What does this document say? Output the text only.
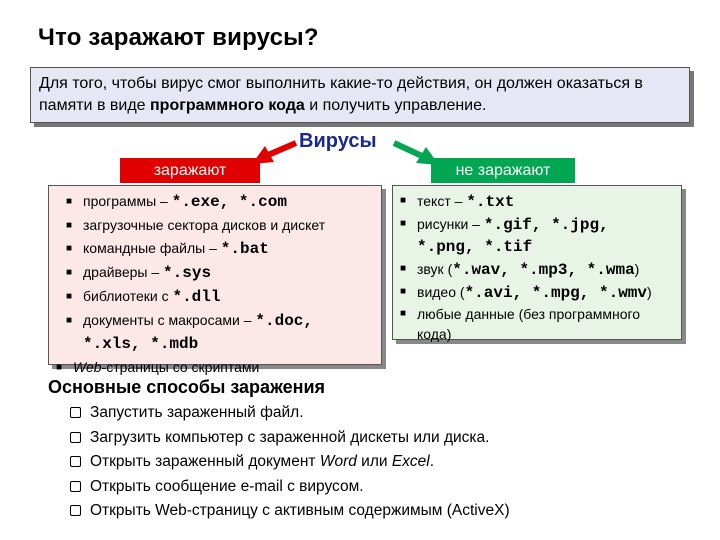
Что заражают вирусы?
Для того, чтобы вирус смог выполнить какие-то действия, он должен оказаться в памяти в виде программного кода и получить управление.
Вирусы
заражают	не заражают
■ программы – *.exe, *.com
■ загрузочные сектора дисков и дискет
■ командные файлы – *.bat
■ драйверы – *.sys
■ библиотеки с *.dll
■ документы с макросами – *.doc,
*.xls, *.mdb
■ Web-страницы со скриптами
■ текст – *.txt
■ рисунки – *.gif, *.jpg,
*.png, *.tif
■ звук (*.wav, *.mp3, *.wma)
■ видео (*.avi, *.mpg, *.wmv)
■ любые данные (без программного
кода)
Основные способы заражения
Запустить зараженный файл.
Загрузить компьютер с зараженной дискеты или диска.
Открыть зараженный документ Word или Excel.
Открыть сообщение e-mail с вирусом.
Открыть Web-страницу с активным содержимым (ActiveX)
